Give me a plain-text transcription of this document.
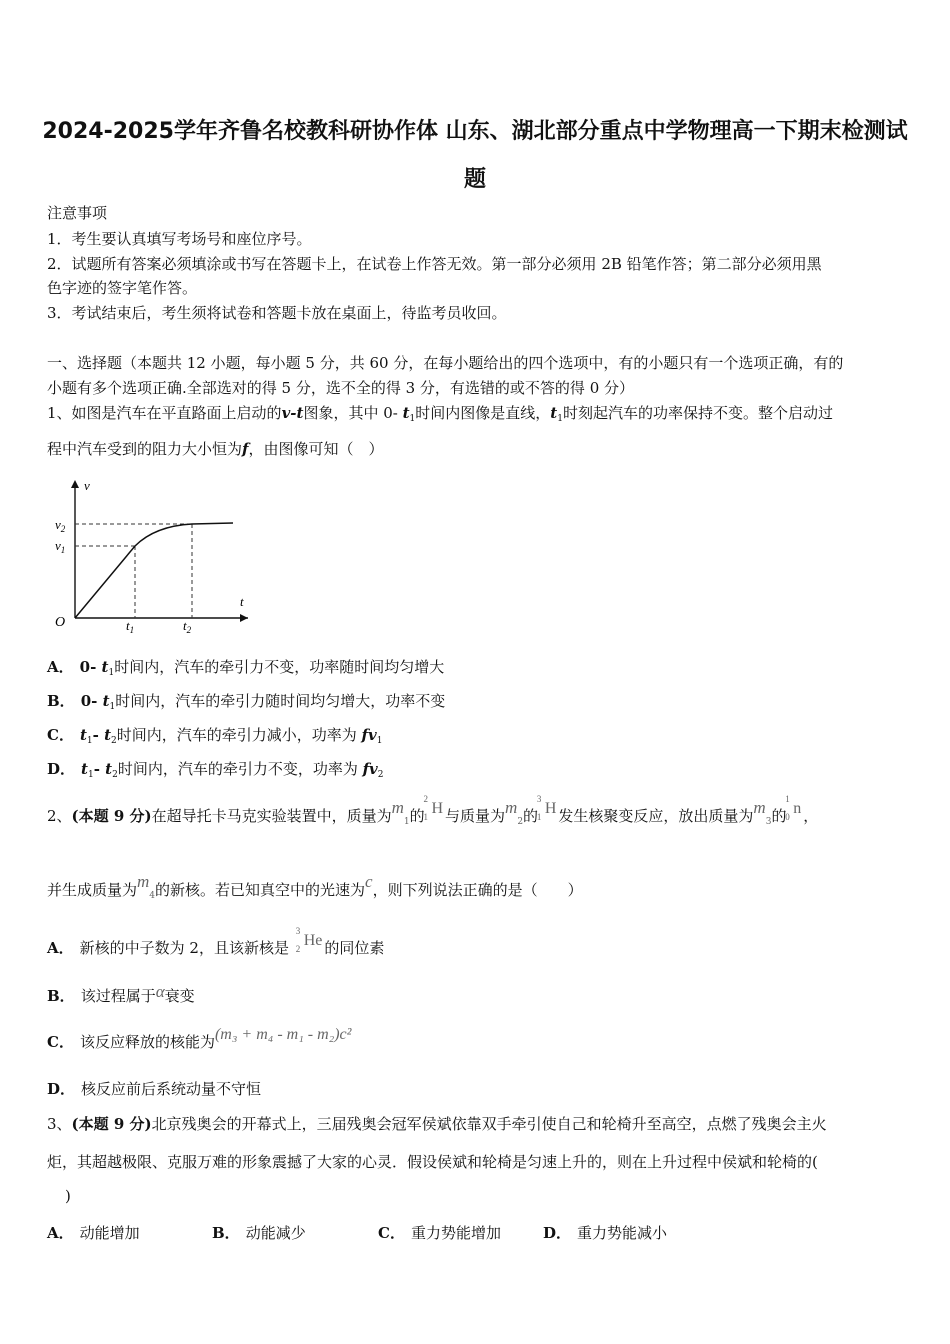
2024-2025学年齐鲁名校教科研协作体 山东、湖北部分重点中学物理高一下期末检测试
题
注意事项
1．考生要认真填写考场号和座位序号。
2．试题所有答案必须填涂或书写在答题卡上，在试卷上作答无效。第一部分必须用 2B 铅笔作答；第二部分必须用黑
色字迹的签字笔作答。
3．考试结束后，考生须将试卷和答题卡放在桌面上，待监考员收回。
一、选择题（本题共 12 小题，每小题 5 分，共 60 分，在每小题给出的四个选项中，有的小题只有一个选项正确，有的
小题有多个选项正确.全部选对的得 5 分，选不全的得 3 分，有选错的或不答的得 0 分）
1、如图是汽车在平直路面上启动的v-t图象，其中 0- $t_1$时间内图像是直线，$t_1$时刻起汽车的功率保持不变。整个启动过
程中汽车受到的阻力大小恒为f，由图像可知（　）
v
t
O
$v_2$
$v_1$
$t_1$	$t_2$
A． 0- $t_1$时间内，汽车的牵引力不变，功率随时间均匀增大
B． 0- $t_1$时间内，汽车的牵引力随时间均匀增大，功率不变
C． $t_1-$ $t_2$时间内，汽车的牵引力减小，功率为 $fv_1$
D． $t_1-$ $t_2$时间内，汽车的牵引力不变，功率为 $fv_2$
2、(本题 9 分)在超导托卡马克实验装置中，质量为$m_1$的
2
1 H 与质量为$m_2$的
3
1 H 发生核聚变反应，放出质量为$m_3$的
1
0 n ，
并生成质量为$m_4$的新核。若已知真空中的光速为c，则下列说法正确的是（　　）
A． 新核的中子数为 2，且该新核是
3
2 He 的同位素
B． 该过程属于α衰变
C． 该反应释放的核能为(m₃ + m₄ - m₁ - m₂)c²
D． 核反应前后系统动量不守恒
3、(本题 9 分)北京残奥会的开幕式上，三届残奥会冠军侯斌依靠双手牵引使自己和轮椅升至高空，点燃了残奥会主火
炬，其超越极限、克服万难的形象震撼了大家的心灵．假设侯斌和轮椅是匀速上升的，则在上升过程中侯斌和轮椅的(
)
A． 动能增加	B． 动能减少	C． 重力势能增加	D． 重力势能减小
